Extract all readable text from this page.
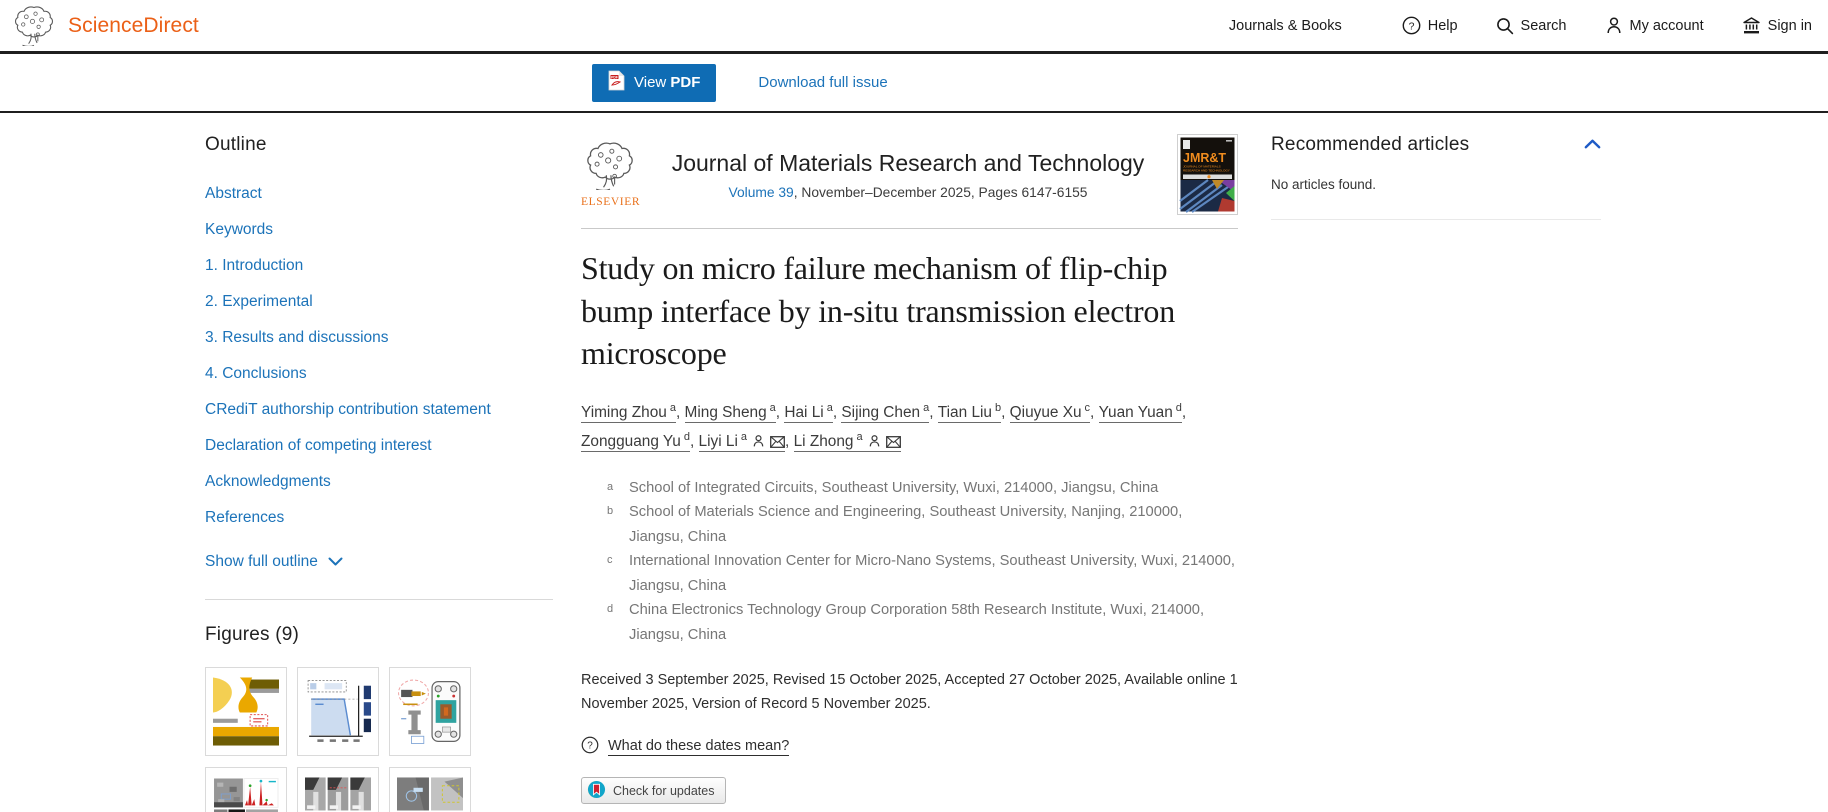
ScienceDirect	Journals & Books	? Help	Search	My account	Sign in
PDF View PDF	Download full issue
Outline
Abstract
Keywords
1. Introduction
2. Experimental
3. Results and discussions
4. Conclusions
CRediT authorship contribution statement
Declaration of competing interest
Acknowledgments
References
Show full outline
Figures (9)
ELSEVIER
Journal of Materials Research and Technology
Volume 39, November–December 2025, Pages 6147-6155
JMR&T
JOURNAL OF MATERIALS
RESEARCH AND TECHNOLOGY
Study on micro failure mechanism of flip-chip bump interface by in-situ transmission electron microscope
Yiming Zhou $^a$ , Ming Sheng $^a$ , Hai Li $^a$ , Sijing Chen $^a$ , Tian Liu $^b$ , Qiuyue Xu $^c$ , Yuan Yuan $^d$ , Zongguang Yu $^d$ , Liyi Li $^a$ ,	Li Zhong $^a$
a School of Integrated Circuits, Southeast University, Wuxi, 214000, Jiangsu, China
b School of Materials Science and Engineering, Southeast University, Nanjing, 210000, Jiangsu, China
c International Innovation Center for Micro-Nano Systems, Southeast University, Wuxi, 214000, Jiangsu, China
d China Electronics Technology Group Corporation 58th Research Institute, Wuxi, 214000, Jiangsu, China

Received 3 September 2025, Revised 15 October 2025, Accepted 27 October 2025, Available online 1 November 2025, Version of Record 5 November 2025.

? What do these dates mean?
Check for updates
Recommended articles

No articles found.
